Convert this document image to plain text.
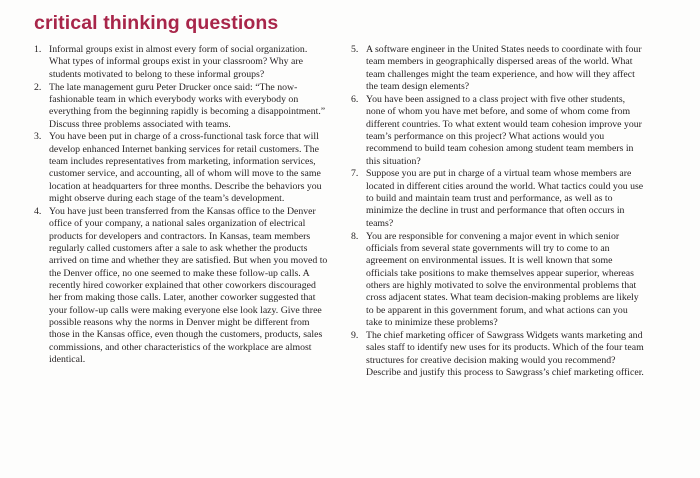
critical thinking questions
1. Informal groups exist in almost every form of social organization. What types of informal groups exist in your classroom? Why are students motivated to belong to these informal groups?
2. The late management guru Peter Drucker once said: “The now-fashionable team in which everybody works with everybody on everything from the beginning rapidly is becoming a disappointment.” Discuss three problems associated with teams.
3. You have been put in charge of a cross-functional task force that will develop enhanced Internet banking services for retail customers. The team includes representatives from marketing, information services, customer service, and accounting, all of whom will move to the same location at headquarters for three months. Describe the behaviors you might observe during each stage of the team’s development.
4. You have just been transferred from the Kansas office to the Denver office of your company, a national sales organization of electrical products for developers and contractors. In Kansas, team members regularly called customers after a sale to ask whether the products arrived on time and whether they are satisfied. But when you moved to the Denver office, no one seemed to make these follow-up calls. A recently hired coworker explained that other coworkers discouraged her from making those calls. Later, another coworker suggested that your follow-up calls were making everyone else look lazy. Give three possible reasons why the norms in Denver might be different from those in the Kansas office, even though the customers, products, sales commissions, and other characteristics of the workplace are almost identical.
5. A software engineer in the United States needs to coordinate with four team members in geographically dispersed areas of the world. What team challenges might the team experience, and how will they affect the team design elements?
6. You have been assigned to a class project with five other students, none of whom you have met before, and some of whom come from different countries. To what extent would team cohesion improve your team’s performance on this project? What actions would you recommend to build team cohesion among student team members in this situation?
7. Suppose you are put in charge of a virtual team whose members are located in different cities around the world. What tactics could you use to build and maintain team trust and performance, as well as to minimize the decline in trust and performance that often occurs in teams?
8. You are responsible for convening a major event in which senior officials from several state governments will try to come to an agreement on environmental issues. It is well known that some officials take positions to make themselves appear superior, whereas others are highly motivated to solve the environmental problems that cross adjacent states. What team decision-making problems are likely to be apparent in this government forum, and what actions can you take to minimize these problems?
9. The chief marketing officer of Sawgrass Widgets wants marketing and sales staff to identify new uses for its products. Which of the four team structures for creative decision making would you recommend? Describe and justify this process to Sawgrass’s chief marketing officer.
